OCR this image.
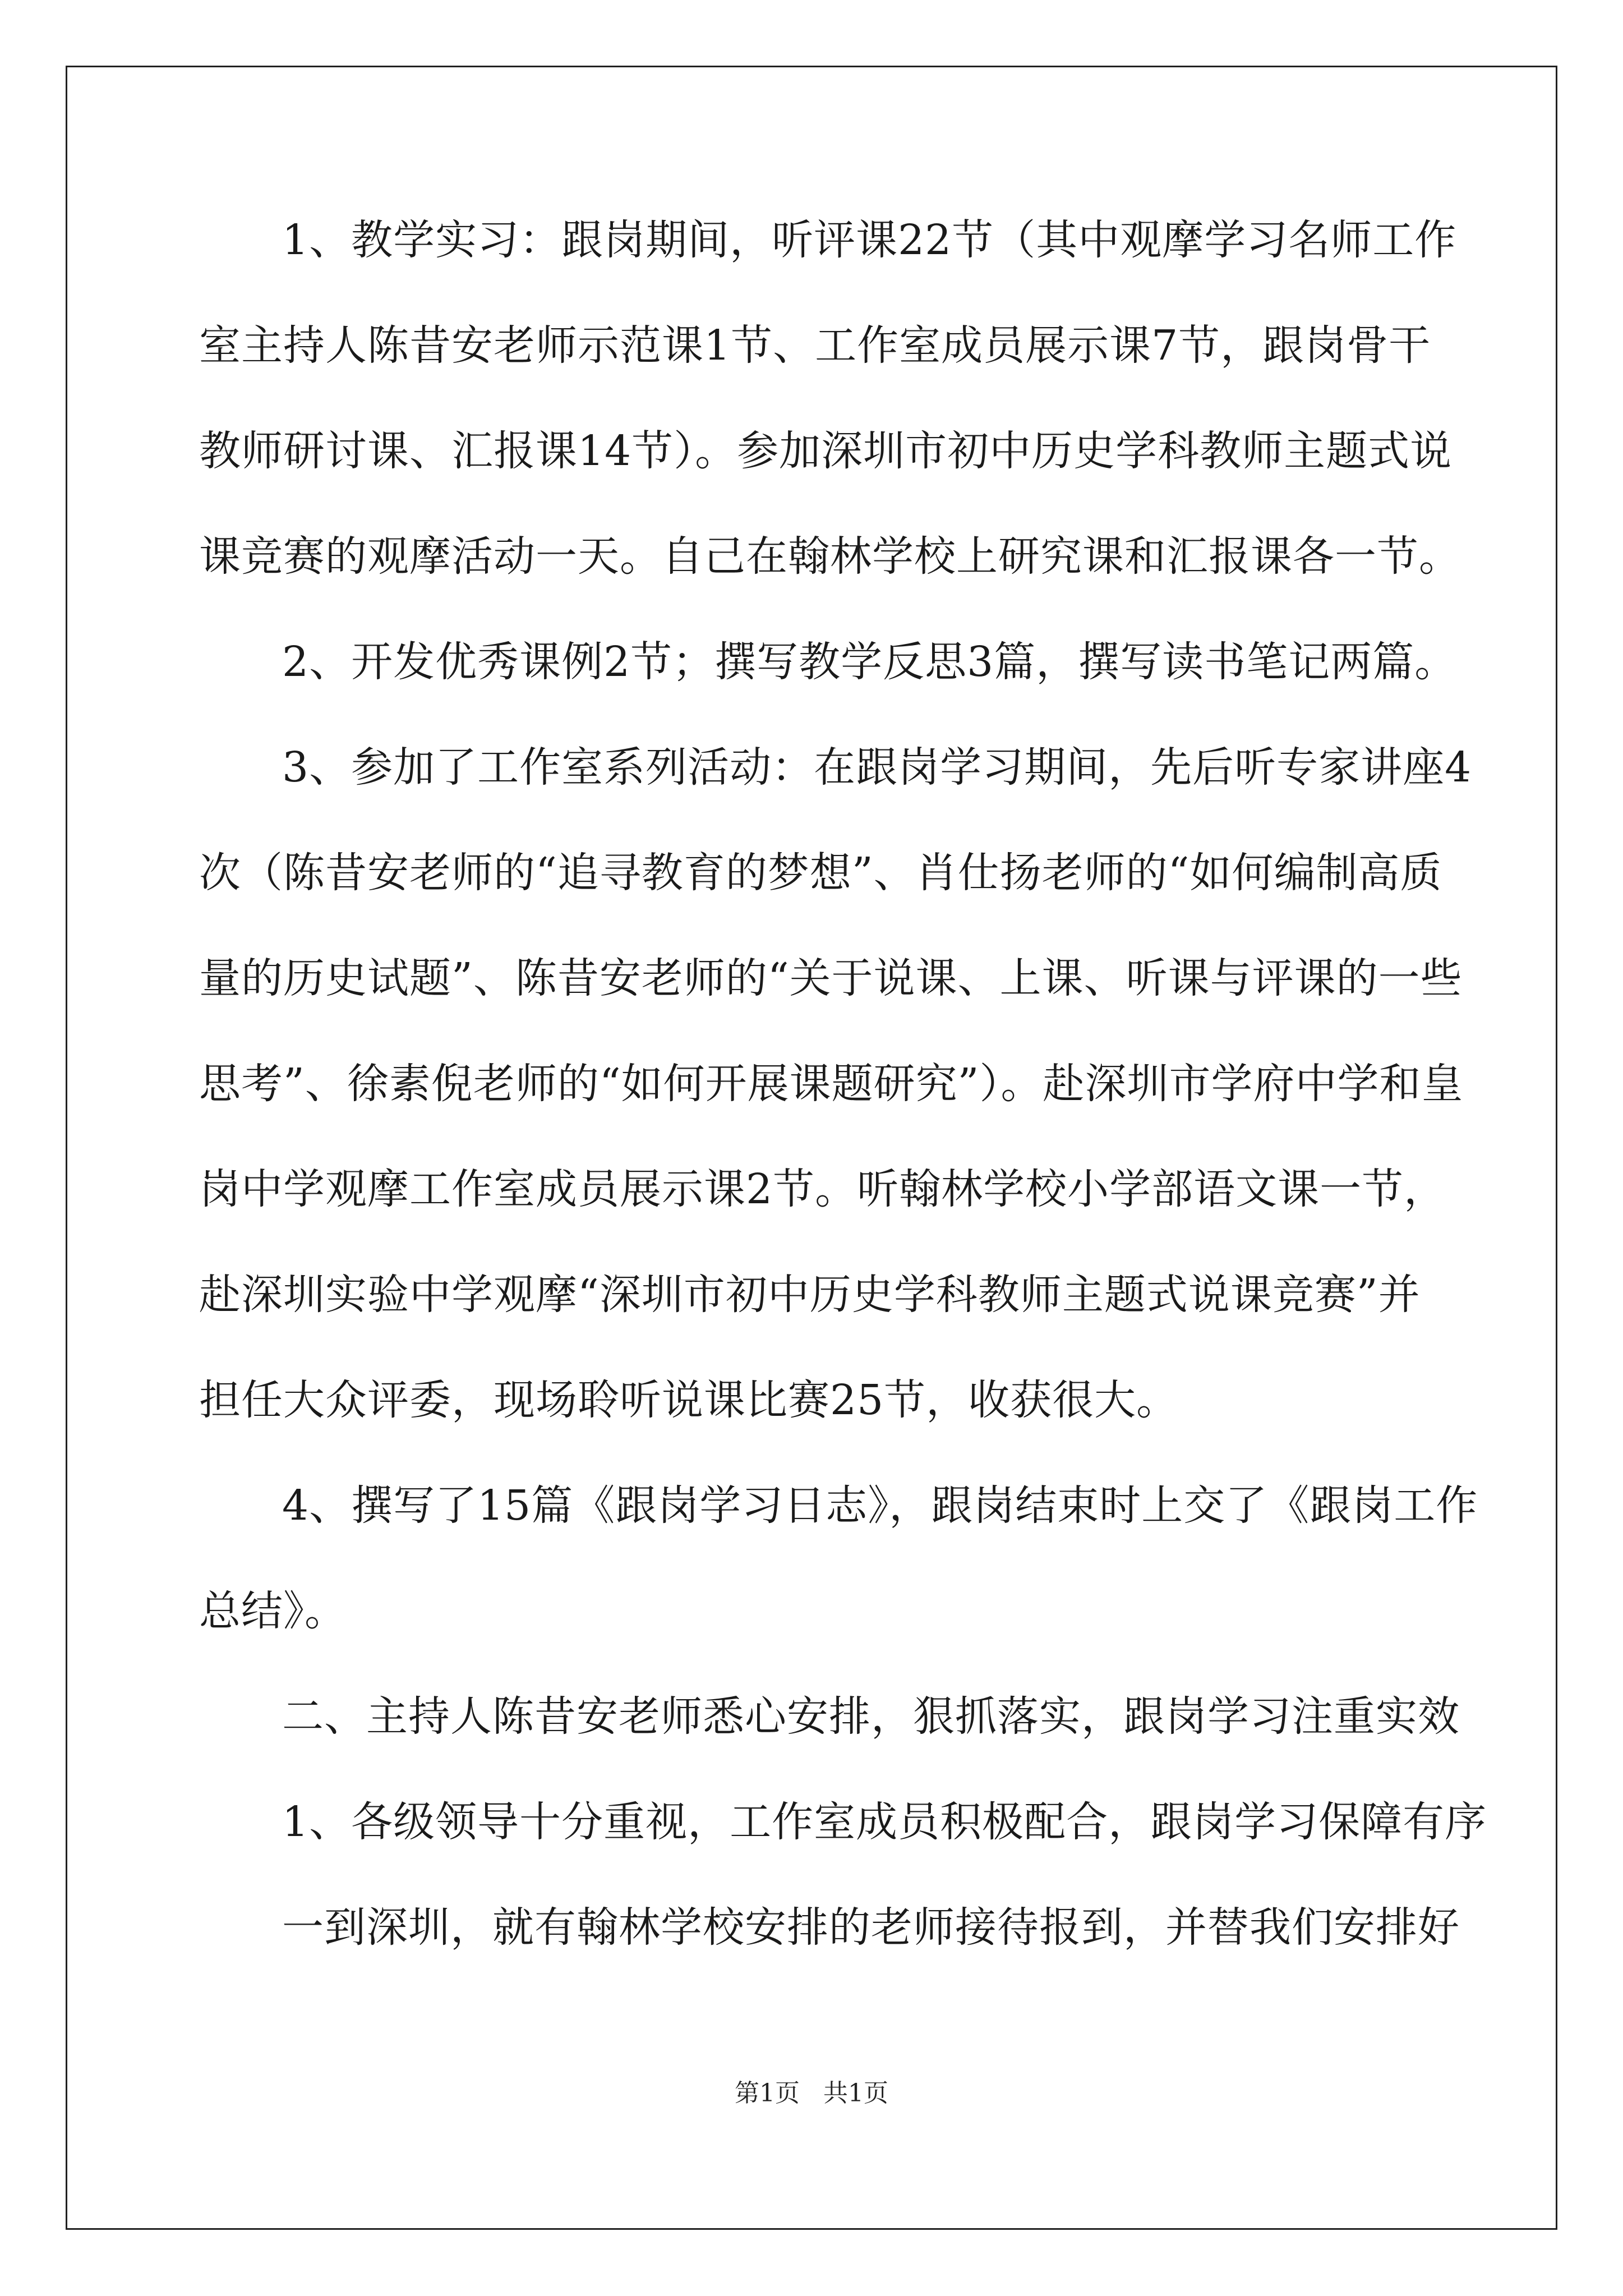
1、教学实习：跟岗期间，听评课22节（其中观摩学习名师工作
室主持人陈昔安老师示范课1节、工作室成员展示课7节，跟岗骨干
教师研讨课、汇报课14节）。参加深圳市初中历史学科教师主题式说
课竞赛的观摩活动一天。自己在翰林学校上研究课和汇报课各一节。
2、开发优秀课例2节；撰写教学反思3篇，撰写读书笔记两篇。
3、参加了工作室系列活动：在跟岗学习期间，先后听专家讲座4
次（陈昔安老师的“追寻教育的梦想”、肖仕扬老师的“如何编制高质
量的历史试题”、陈昔安老师的“关于说课、上课、听课与评课的一些
思考”、徐素倪老师的“如何开展课题研究”）。赴深圳市学府中学和皇
岗中学观摩工作室成员展示课2节。听翰林学校小学部语文课一节，
赴深圳实验中学观摩“深圳市初中历史学科教师主题式说课竞赛”并
担任大众评委，现场聆听说课比赛25节，收获很大。
4、撰写了15篇《跟岗学习日志》，跟岗结束时上交了《跟岗工作
总结》。
二、主持人陈昔安老师悉心安排，狠抓落实，跟岗学习注重实效
1、各级领导十分重视，工作室成员积极配合，跟岗学习保障有序
一到深圳，就有翰林学校安排的老师接待报到，并替我们安排好
第1页   共1页
